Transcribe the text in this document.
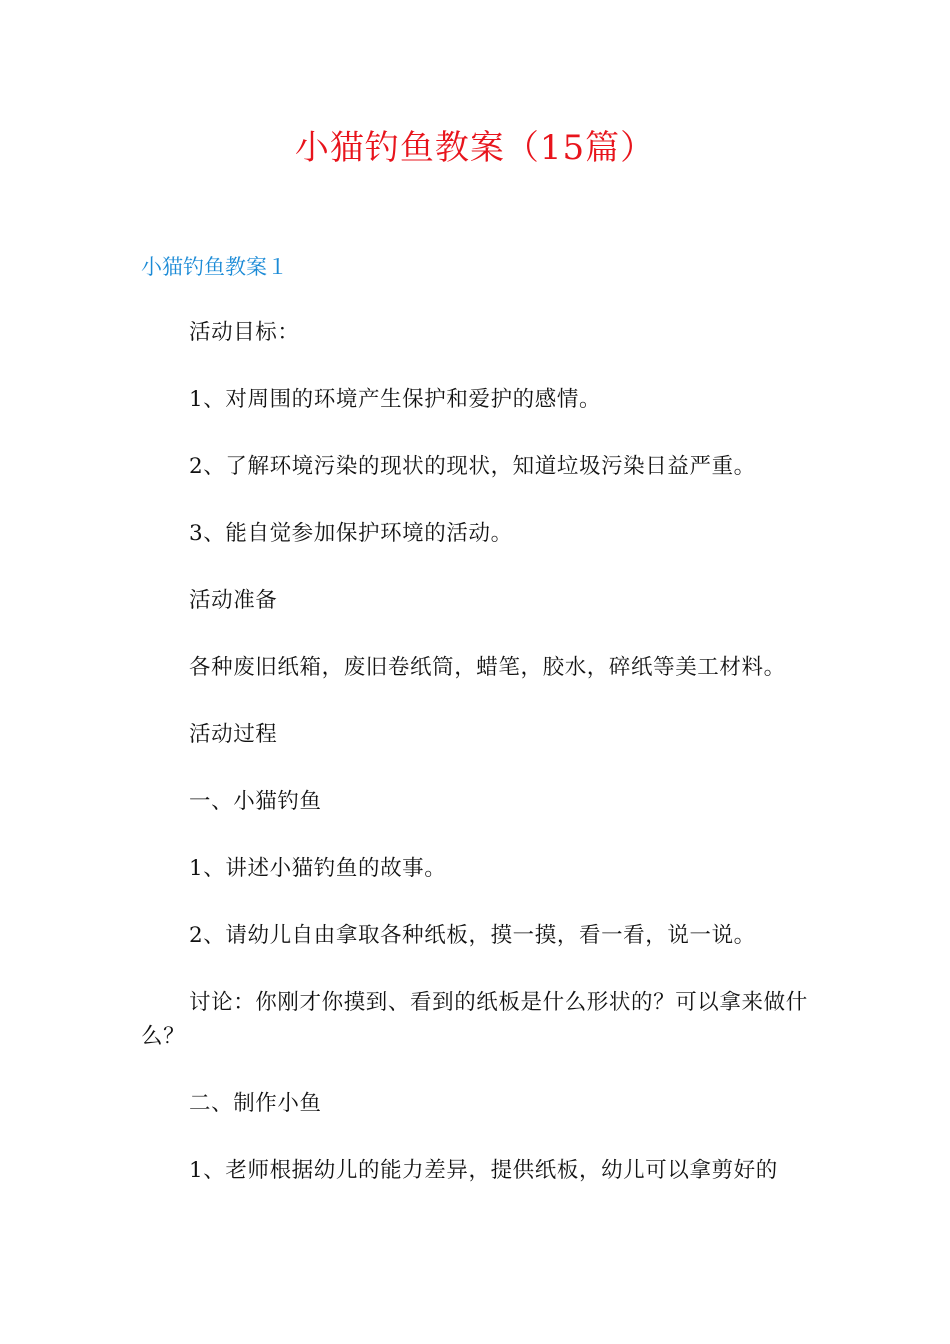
小猫钓鱼教案（15篇）
小猫钓鱼教案１

活动目标：

1、对周围的环境产生保护和爱护的感情。

2、了解环境污染的现状的现状，知道垃圾污染日益严重。

3、能自觉参加保护环境的活动。

活动准备

各种废旧纸箱，废旧卷纸筒，蜡笔，胶水，碎纸等美工材料。

活动过程

一、小猫钓鱼

1、讲述小猫钓鱼的故事。

2、请幼儿自由拿取各种纸板，摸一摸，看一看，说一说。

讨论：你刚才你摸到、看到的纸板是什么形状的？可以拿来做什么？

二、制作小鱼

1、老师根据幼儿的能力差异，提供纸板，幼儿可以拿剪好的
